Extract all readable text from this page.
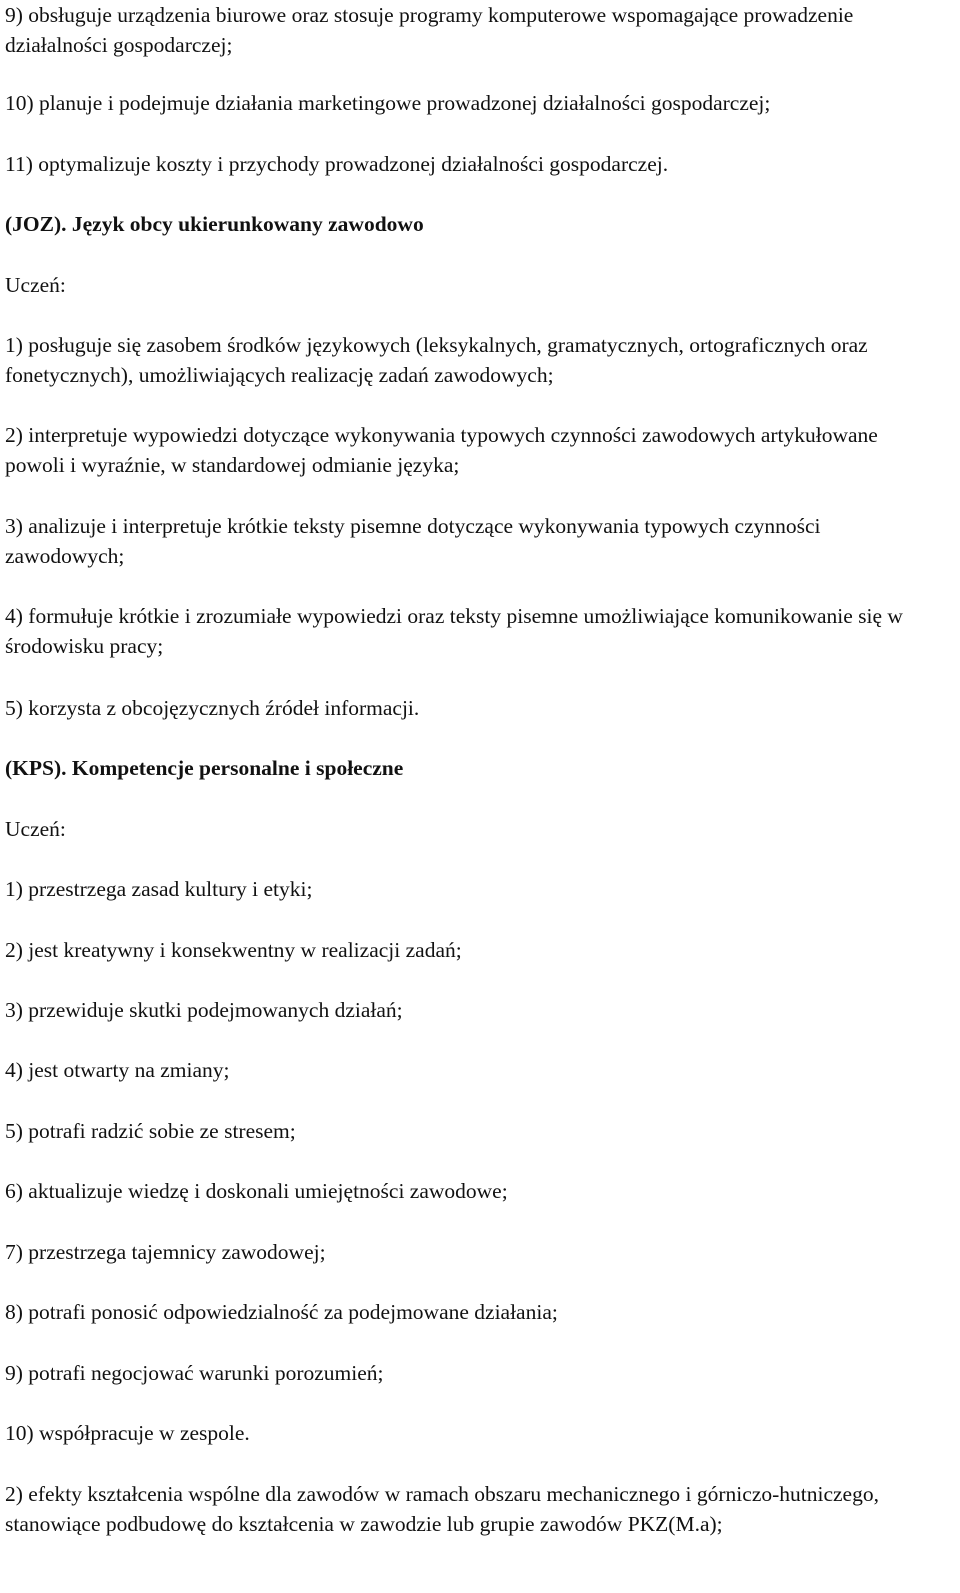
9) obsługuje urządzenia biurowe oraz stosuje programy komputerowe wspomagające prowadzenie działalności gospodarczej;

10) planuje i podejmuje działania marketingowe prowadzonej działalności gospodarczej;

11) optymalizuje koszty i przychody prowadzonej działalności gospodarczej.

(JOZ). Język obcy ukierunkowany zawodowo

Uczeń:

1) posługuje się zasobem środków językowych (leksykalnych, gramatycznych, ortograficznych oraz fonetycznych), umożliwiających realizację zadań zawodowych;

2) interpretuje wypowiedzi dotyczące wykonywania typowych czynności zawodowych artykułowane powoli i wyraźnie, w standardowej odmianie języka;

3) analizuje i interpretuje krótkie teksty pisemne dotyczące wykonywania typowych czynności zawodowych;

4) formułuje krótkie i zrozumiałe wypowiedzi oraz teksty pisemne umożliwiające komunikowanie się w środowisku pracy;

5) korzysta z obcojęzycznych źródeł informacji.

(KPS). Kompetencje personalne i społeczne

Uczeń:

1) przestrzega zasad kultury i etyki;

2) jest kreatywny i konsekwentny w realizacji zadań;

3) przewiduje skutki podejmowanych działań;

4) jest otwarty na zmiany;

5) potrafi radzić sobie ze stresem;

6) aktualizuje wiedzę i doskonali umiejętności zawodowe;

7) przestrzega tajemnicy zawodowej;

8) potrafi ponosić odpowiedzialność za podejmowane działania;

9) potrafi negocjować warunki porozumień;

10) współpracuje w zespole.

2) efekty kształcenia wspólne dla zawodów w ramach obszaru mechanicznego i górniczo-hutniczego, stanowiące podbudowę do kształcenia w zawodzie lub grupie zawodów PKZ(M.a);
